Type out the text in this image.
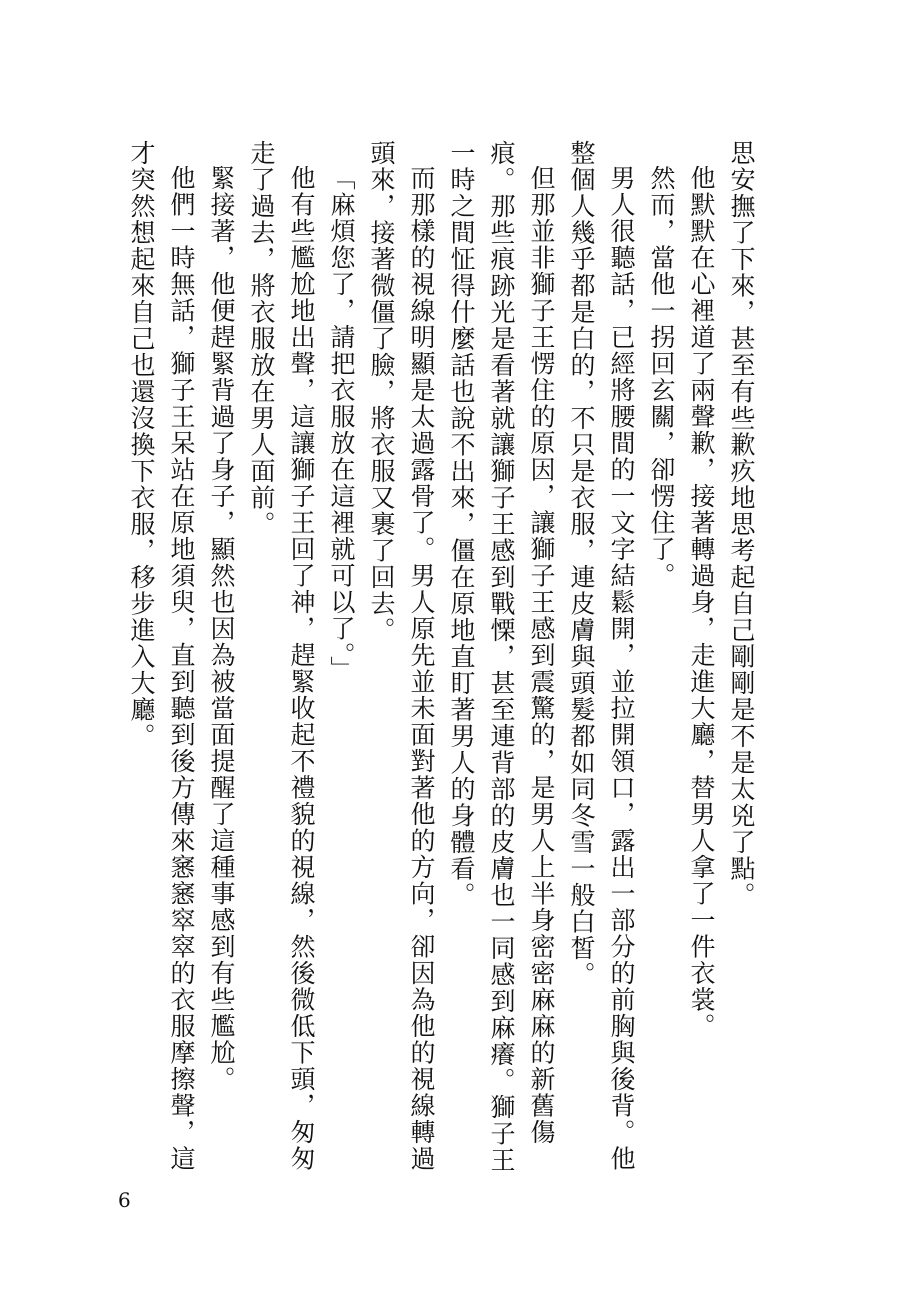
思安撫了下來，甚至有些歉疚地思考起自己剛剛是不是太兇了點。

他默默在心裡道了兩聲歉，接著轉過身，走進大廳，替男人拿了一件衣裳。

然而，當他一拐回玄關，卻愣住了。

男人很聽話，已經將腰間的一文字結鬆開，並拉開領口，露出一部分的前胸與後背。他整個人幾乎都是白的，不只是衣服，連皮膚與頭髮都如同冬雪一般白皙。

但那並非獅子王愣住的原因，讓獅子王感到震驚的，是男人上半身密密麻麻的新舊傷痕。那些痕跡光是看著就讓獅子王感到戰慄，甚至連背部的皮膚也一同感到麻癢。獅子王一時之間怔得什麼話也說不出來，僵在原地直盯著男人的身體看。

而那樣的視線明顯是太過露骨了。男人原先並未面對著他的方向，卻因為他的視線轉過頭來，接著微僵了臉，將衣服又裹了回去。

「麻煩您了，請把衣服放在這裡就可以了。」

他有些尷尬地出聲，這讓獅子王回了神，趕緊收起不禮貌的視線，然後微低下頭，匆匆走了過去，將衣服放在男人面前。

緊接著，他便趕緊背過了身子，顯然也因為被當面提醒了這種事感到有些尷尬。

他們一時無話，獅子王呆站在原地須臾，直到聽到後方傳來窸窸窣窣的衣服摩擦聲，這才突然想起來自己也還沒換下衣服，移步進入大廳。

6
